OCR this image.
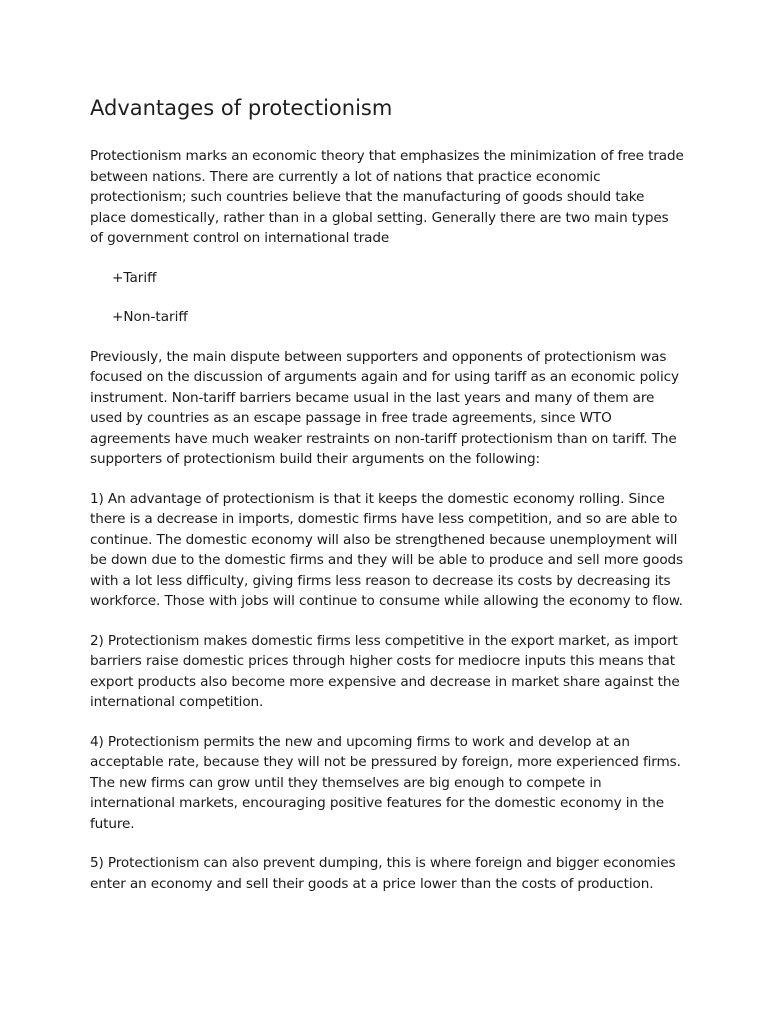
Advantages of protectionism

Protectionism marks an economic theory that emphasizes the minimization of free trade between nations. There are currently a lot of nations that practice economic protectionism; such countries believe that the manufacturing of goods should take place domestically, rather than in a global setting. Generally there are two main types of government control on international trade

+Tariff

+Non-tariff

Previously, the main dispute between supporters and opponents of protectionism was focused on the discussion of arguments again and for using tariff as an economic policy instrument. Non-tariff barriers became usual in the last years and many of them are used by countries as an escape passage in free trade agreements, since WTO agreements have much weaker restraints on non-tariff protectionism than on tariff. The supporters of protectionism build their arguments on the following:

1) An advantage of protectionism is that it keeps the domestic economy rolling. Since there is a decrease in imports, domestic firms have less competition, and so are able to continue. The domestic economy will also be strengthened because unemployment will be down due to the domestic firms and they will be able to produce and sell more goods with a lot less difficulty, giving firms less reason to decrease its costs by decreasing its workforce. Those with jobs will continue to consume while allowing the economy to flow.

2) Protectionism makes domestic firms less competitive in the export market, as import barriers raise domestic prices through higher costs for mediocre inputs this means that export products also become more expensive and decrease in market share against the international competition.

4) Protectionism permits the new and upcoming firms to work and develop at an acceptable rate, because they will not be pressured by foreign, more experienced firms. The new firms can grow until they themselves are big enough to compete in international markets, encouraging positive features for the domestic economy in the future.

5) Protectionism can also prevent dumping, this is where foreign and bigger economies enter an economy and sell their goods at a price lower than the costs of production.
